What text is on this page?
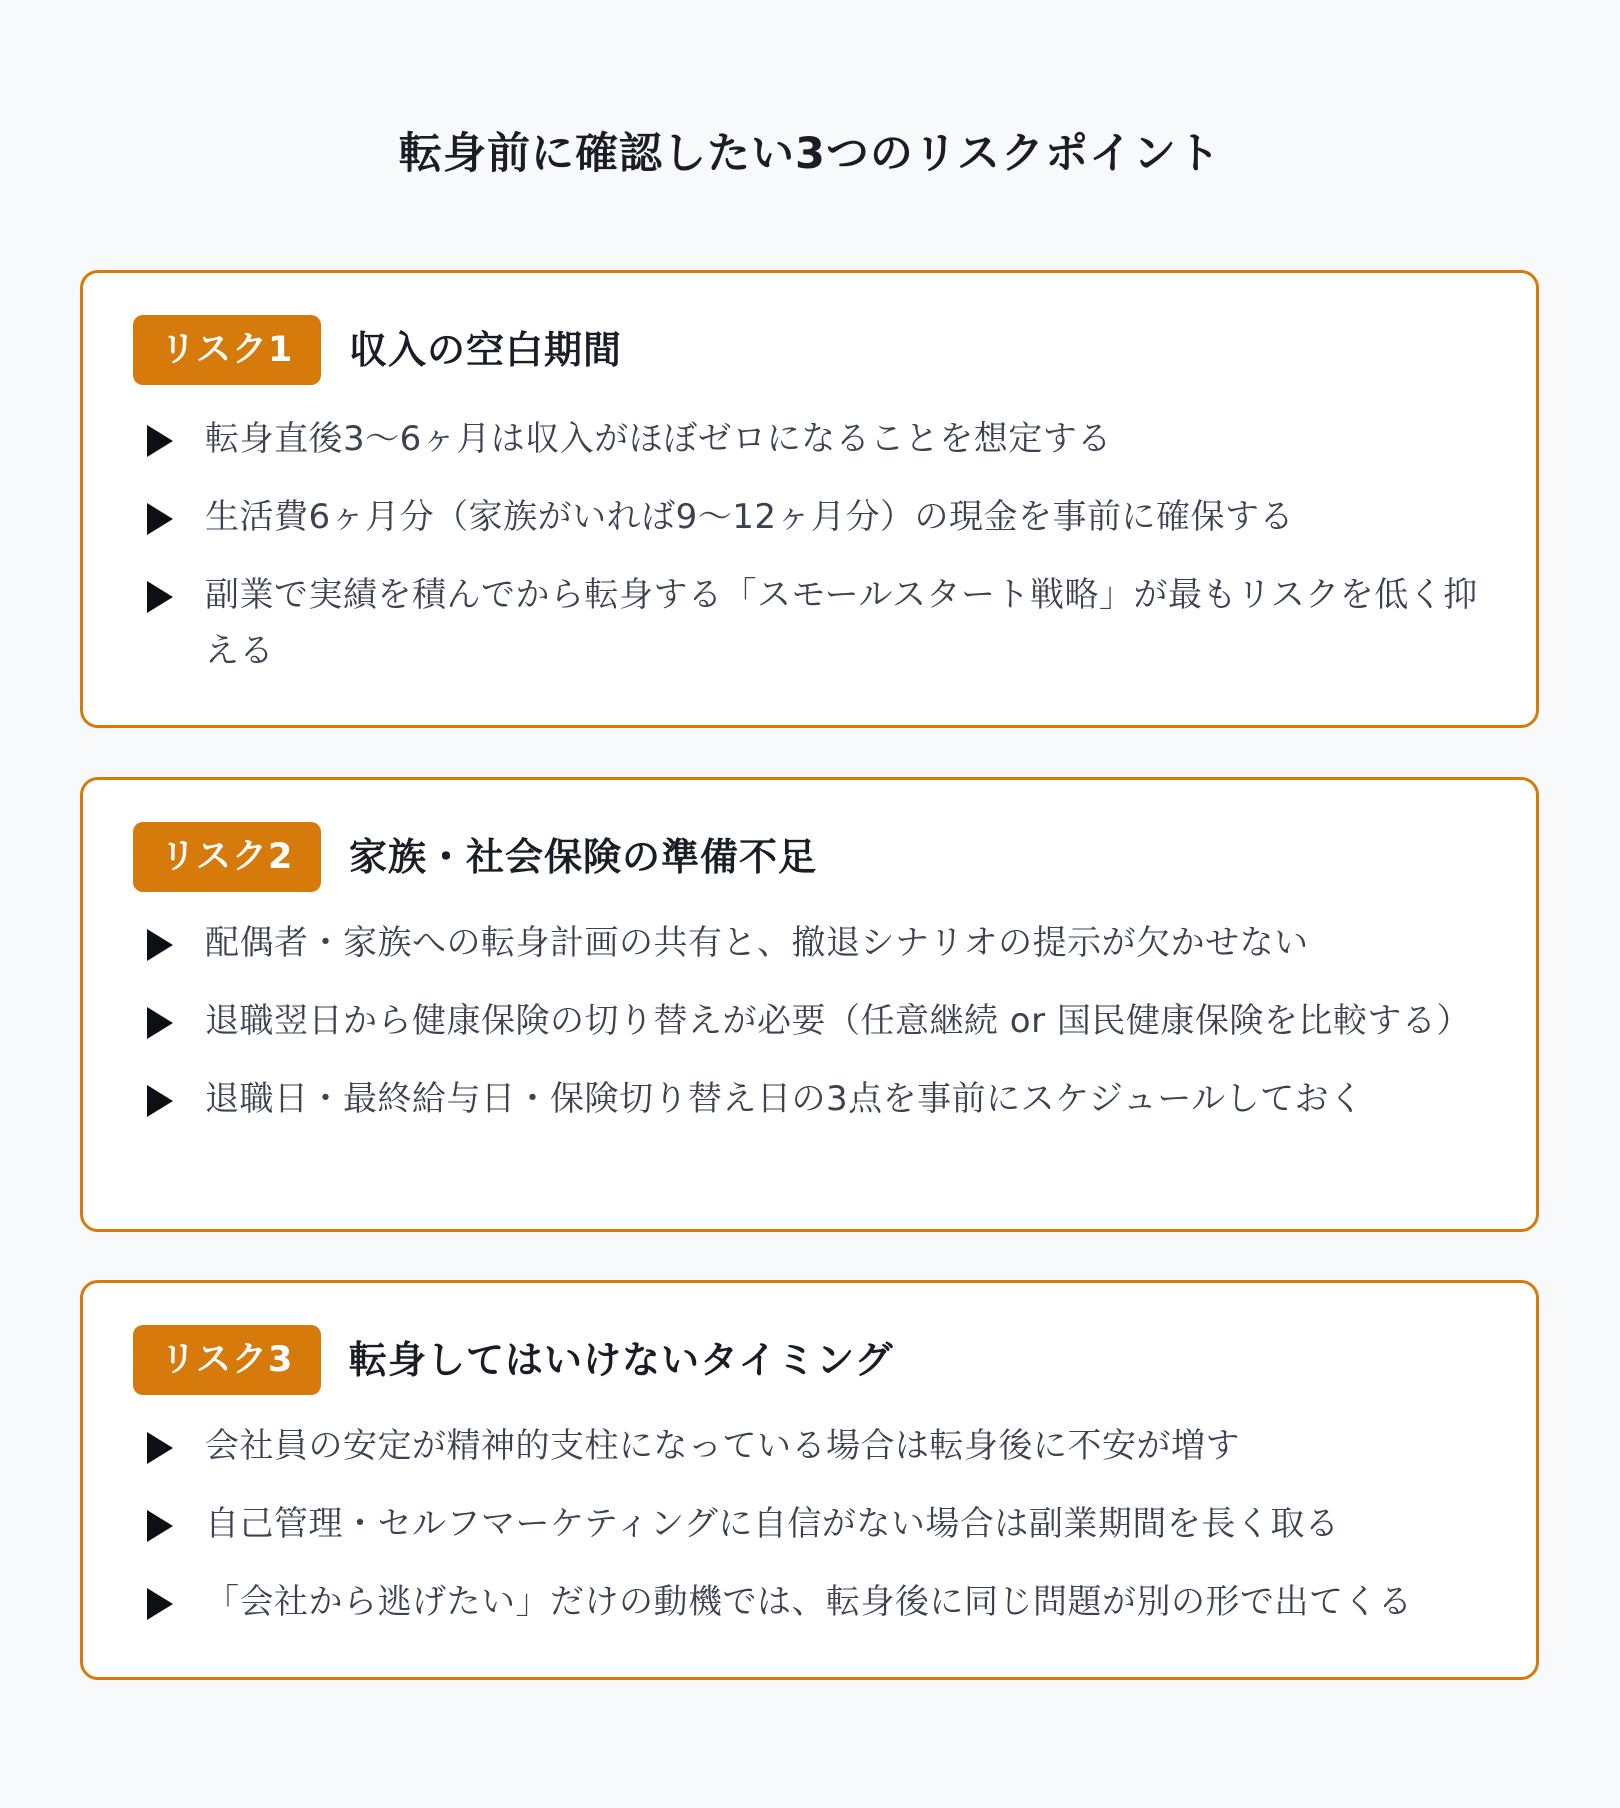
転身前に確認したい3つのリスクポイント
リスク1	収入の空白期間
転身直後3〜6ヶ月は収入がほぼゼロになることを想定する
生活費6ヶ月分（家族がいれば9〜12ヶ月分）の現金を事前に確保する
副業で実績を積んでから転身する「スモールスタート戦略」が最もリスクを低く抑える
リスク2	家族・社会保険の準備不足
配偶者・家族への転身計画の共有と、撤退シナリオの提示が欠かせない
退職翌日から健康保険の切り替えが必要（任意継続 or 国民健康保険を比較する）
退職日・最終給与日・保険切り替え日の3点を事前にスケジュールしておく
リスク3	転身してはいけないタイミング
会社員の安定が精神的支柱になっている場合は転身後に不安が増す
自己管理・セルフマーケティングに自信がない場合は副業期間を長く取る
「会社から逃げたい」だけの動機では、転身後に同じ問題が別の形で出てくる
